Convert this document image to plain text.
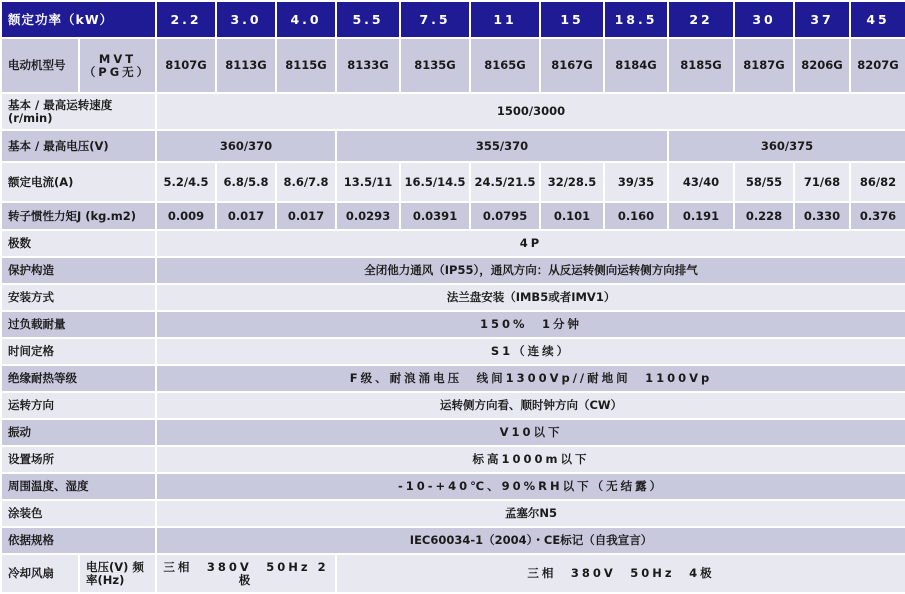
额定功率（kW）		2.2	3.0	4.0	5.5	7.5	11	15	18.5	22	30	37	45
电动机型号	MVT（PG无）	8107G	8113G	8115G	8133G	8135G	8165G	8167G	8184G	8185G	8187G	8206G	8207G
基本 / 最高运转速度 (r/min)		1500/3000											
基本 / 最高电压(V)		360/370			355/370					360/375			
额定电流(A)		5.2/4.5	6.8/5.8	8.6/7.8	13.5/11	16.5/14.5	24.5/21.5	32/28.5	39/35	43/40	58/55	71/68	86/82
转子惯性力矩J (kg.m2)		0.009	0.017	0.017	0.0293	0.0391	0.0795	0.101	0.160	0.191	0.228	0.330	0.376
极数		4P											
保护构造		全闭他力通风（IP55），通风方向：从反运转侧向运转侧方向排气											
安装方式		法兰盘安装（IMB5或者IMV1）											
过负载耐量		150%　1分钟											
时间定格		S1（连续）											
绝缘耐热等级		F级、耐浪涌电压　线间1300Vp//耐地间　1100Vp											
运转方向		运转侧方向看、顺时钟方向（CW）											
振动		V10以下											
设置场所		标高1000m以下											
周围温度、湿度		-10-+40℃、90%RH以下（无结露）											
涂装色		孟塞尔N5											
依据规格		IEC60034-1（2004）・CE标记（自我宣言）											
冷却风扇	电压(V) 频率(Hz)	三相　380V　50Hz 2极			三相　380V　50Hz　4极								
